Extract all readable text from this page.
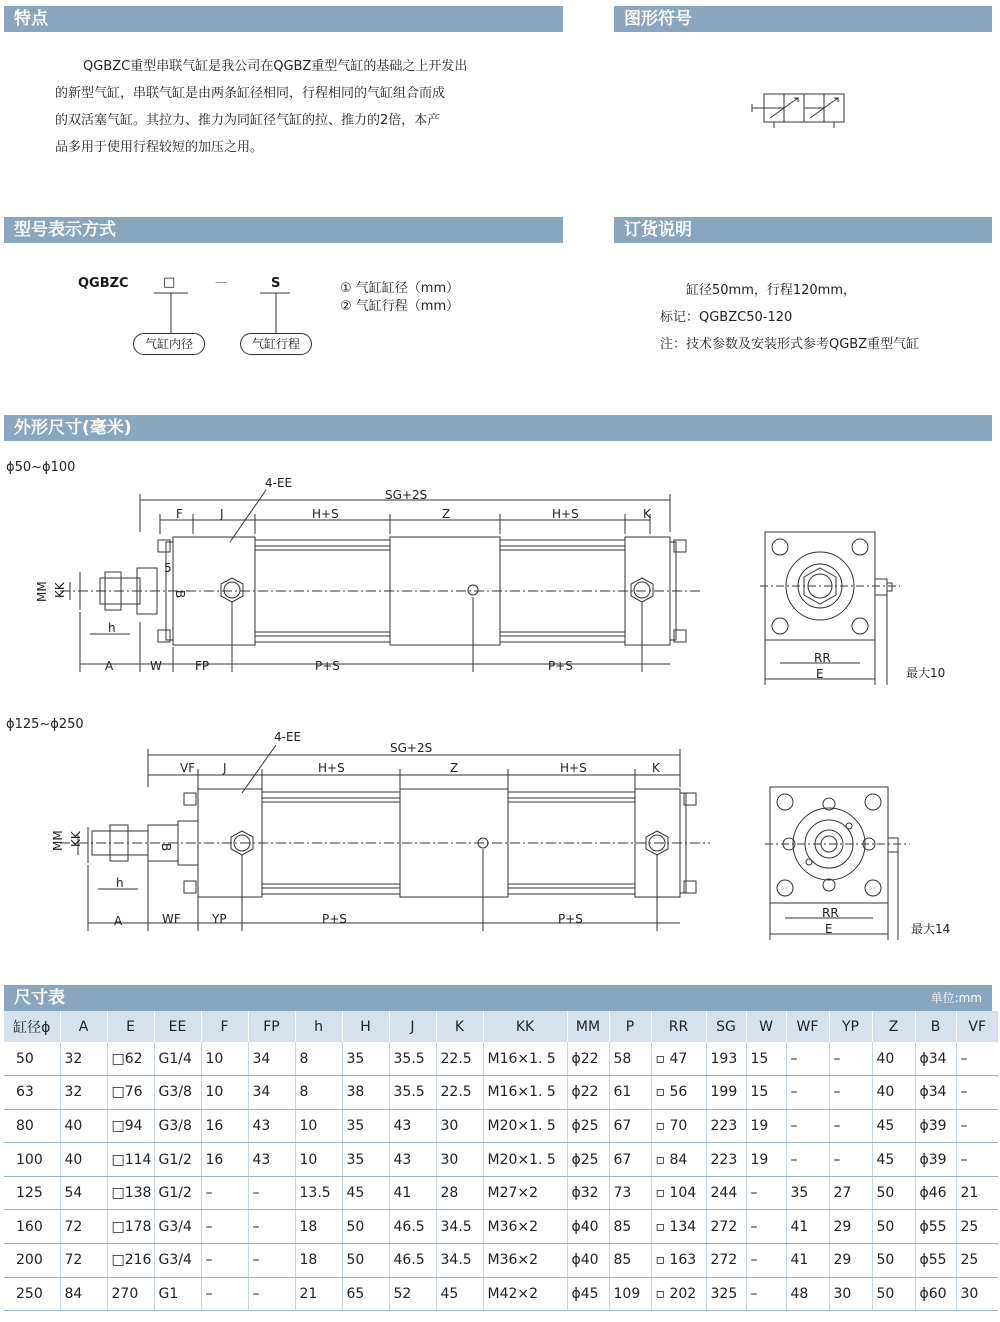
特点	图形符号
型号表示方式	订货说明
外形尺寸(毫米)
尺寸表	单位:mm

QGBZC重型串联气缸是我公司在QGBZ重型气缸的基础之上开发出

的新型气缸，串联气缸是由两条缸径相同，行程相同的气缸组合而成

的双活塞气缸。其拉力、推力为同缸径气缸的拉、推力的2倍，本产

品多用于使用行程较短的加压之用。

QGBZC	□	—	S
气缸内径	气缸行程
① 气缸缸径（mm）
② 气缸行程（mm）
缸径50mm，行程120mm，
标记：QGBZC50-120
注：技术参数及安装形式参考QGBZ重型气缸
ϕ50~ϕ100
ϕ125~ϕ250
4-EE
SG+2S
F	J	H+S	Z	H+S	K
MM KK
5
B
h
A	W	FP	P+S	P+S
RR
E	最大10
4-EE
SG+2S
VF J	H+S	Z	H+S	K
MM KK
B
h
A	WF	YP	P+S	P+S	RR
E	最大14
缸径ϕ	A	E	EE	F	FP	h	H	J	K	KK	MM	P	RR	SG	W	WF	YP	Z	B	VF
50	32	□62	G1/4	10	34	8	35	35.5	22.5	M16×1. 5	ϕ22	58	▫ 47	193	15	–	–	40	ϕ34	–
63	32	□76	G3/8	10	34	8	38	35.5	22.5	M16×1. 5	ϕ22	61	▫ 56	199	15	–	–	40	ϕ34	–
80	40	□94	G3/8	16	43	10	35	43	30	M20×1. 5	ϕ25	67	▫ 70	223	19	–	–	45	ϕ39	–
100	40	□114	G1/2	16	43	10	35	43	30	M20×1. 5	ϕ25	67	▫ 84	223	19	–	–	45	ϕ39	–
125	54	□138	G1/2	–	–	13.5	45	41	28	M27×2	ϕ32	73	▫ 104	244	–	35	27	50	ϕ46	21
160	72	□178	G3/4	–	–	18	50	46.5	34.5	M36×2	ϕ40	85	▫ 134	272	–	41	29	50	ϕ55	25
200	72	□216	G3/4	–	–	18	50	46.5	34.5	M36×2	ϕ40	85	▫ 163	272	–	41	29	50	ϕ55	25
250	84	270	G1	–	–	21	65	52	45	M42×2	ϕ45	109	▫ 202	325	–	48	30	50	ϕ60	30
